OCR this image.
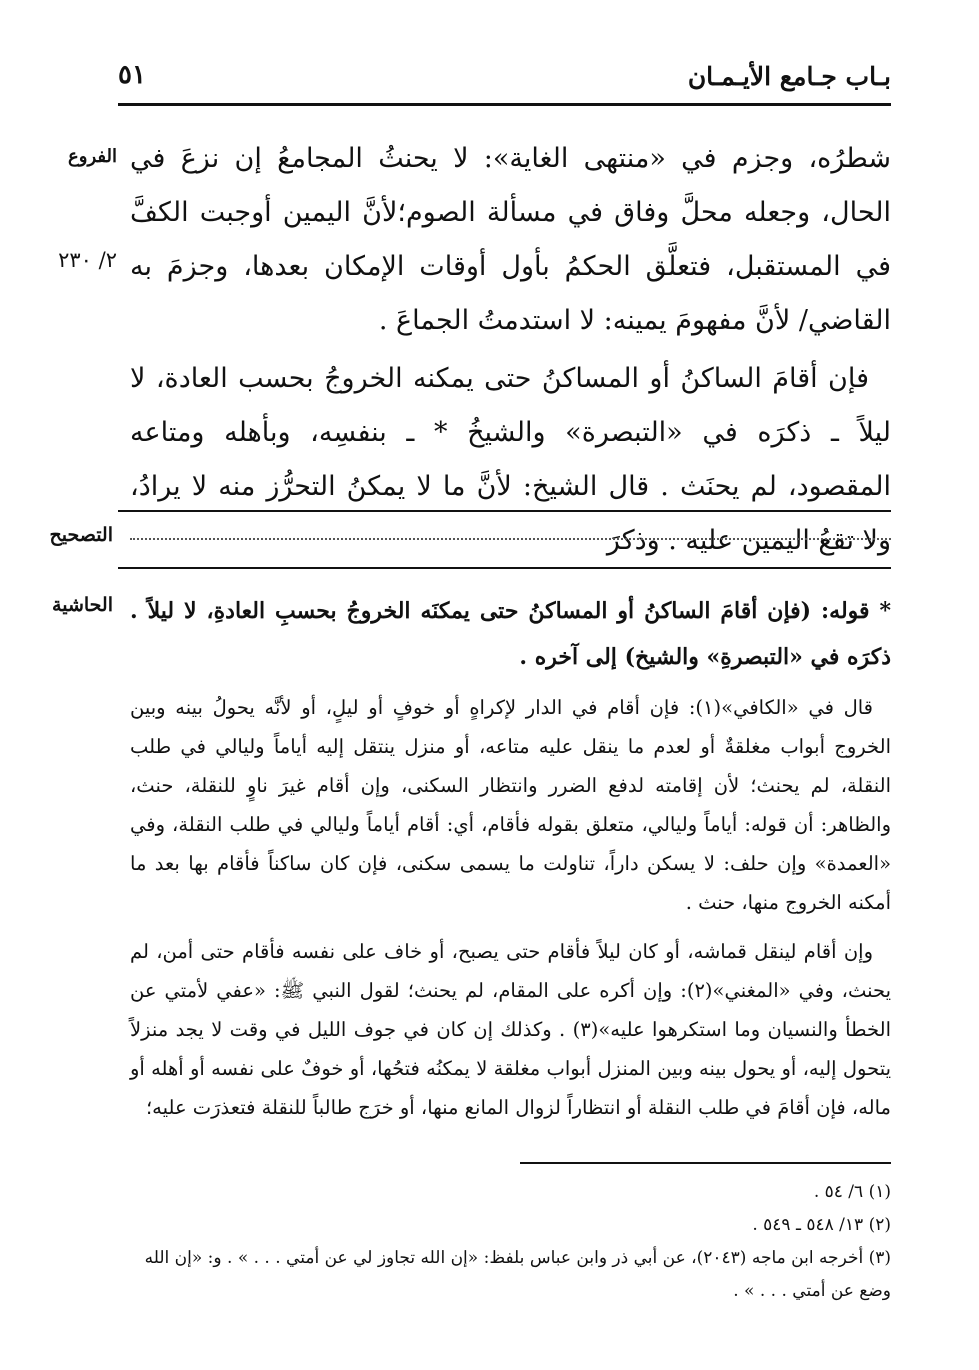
بـاب جـامع الأيـمـان
٥١
الفروع
٢/ ٢٣٠

شطرُه، وجزم في «منتهى الغاية»: لا يحنثُ المجامعُ إن نزعَ في الحال، وجعله محلَّ وفاق في مسألة الصوم؛لأنَّ اليمين أوجبت الكفَّ في المستقبل، فتعلَّق الحكمُ بأول أوقات الإمكان بعدها، وجزمَ به القاضي/ لأنَّ مفهومَ يمينه: لا استدمتُ الجماعَ .

فإن أقامَ الساكنُ أو المساكنُ حتى يمكنه الخروجُ بحسب العادة، لا ليلاً ـ ذكرَه في «التبصرة» والشيخُ * ـ بنفسِه، وبأهله ومتاعه المقصود، لم يحنَث . قال الشيخ: لأنَّ ما لا يمكنُ التحرُّز منه لا يرادُ، ولا تقعُ اليمين عليه . وذكرَ

التصحيح
الحاشية * قوله: (فإن أقامَ الساكنُ أو المساكنُ حتى يمكنَه الخروجُ بحسبِ العادةِ، لا ليلاً . ذكرَه في «التبصرةِ» والشيخ) إلى آخره .

قال في «الكافي»(١): فإن أقام في الدار لإكراهٍ أو خوفٍ أو ليلٍ، أو لأنَّه يحولُ بينه وبين الخروج أبواب مغلقةٌ أو لعدم ما ينقل عليه متاعه، أو منزل ينتقل إليه أياماً وليالي في طلب النقلة، لم يحنث؛ لأن إقامته لدفع الضرر وانتظار السكنى، وإن أقام غيرَ ناوٍ للنقلة، حنث، والظاهر: أن قوله: أياماً وليالي، متعلق بقوله فأقام، أي: أقام أياماً وليالي في طلب النقلة، وفي «العمدة» وإن حلف: لا يسكن داراً، تناولت ما يسمى سكنى، فإن كان ساكناً فأقام بها بعد ما أمكنه الخروج منها، حنث .

وإن أقام لينقل قماشه، أو كان ليلاً فأقام حتى يصبح، أو خاف على نفسه فأقام حتى أمن، لم يحنث، وفي «المغني»(٢): وإن أكره على المقام، لم يحنث؛ لقول النبي ﷺ: «عفي لأمتي عن الخطأ والنسيان وما استكرهوا عليه»(٣) . وكذلك إن كان في جوف الليل في وقت لا يجد منزلاً يتحول إليه، أو يحول بينه وبين المنزل أبواب مغلقة لا يمكنُه فتحُها، أو خوفٌ على نفسه أو أهله أو ماله، فإن أقامَ في طلب النقلة أو انتظاراً لزوال المانع منها، أو خرَج طالباً للنقلة فتعذرَت عليه؛

(١) ٦/ ٥٤ .
(٢) ١٣/ ٥٤٨ ـ ٥٤٩ .
(٣) أخرجه ابن ماجه (٢٠٤٣)، عن أبي ذر وابن عباس بلفظ: «إن الله تجاوز لي عن أمتي . . . » . و: «إن الله وضع عن أمتي . . . » .
